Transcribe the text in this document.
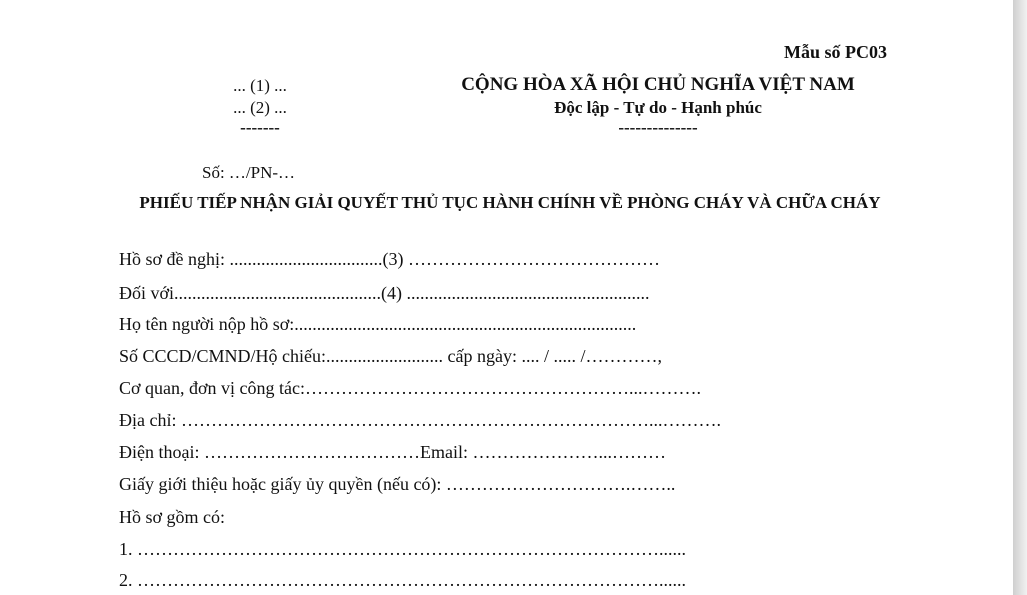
Mẫu số PC03
... (1) ...
... (2) ...
-------
CỘNG HÒA XÃ HỘI CHỦ NGHĨA VIỆT NAM
Độc lập - Tự do - Hạnh phúc
--------------
Số: …/PN-…
PHIẾU TIẾP NHẬN GIẢI QUYẾT THỦ TỤC HÀNH CHÍNH VỀ PHÒNG CHÁY VÀ CHỮA CHÁY
Hồ sơ đề nghị: ..................................(3) ……………………………………
Đối với..............................................(4) ......................................................
Họ tên người nộp hồ sơ:............................................................................
Số CCCD/CMND/Hộ chiếu:.......................... cấp ngày: .... / ..... /…………,
Cơ quan, đơn vị công tác:………………………………………………...……….
Địa chỉ: ……………………………………………………………………...……….
Điện thoại: ………………………………Email: …………………...………
Giấy giới thiệu hoặc giấy ủy quyền (nếu có): ………………………….……..
Hồ sơ gồm có:
1. ……………………………………………………………………………......
2. ……………………………………………………………………………......
